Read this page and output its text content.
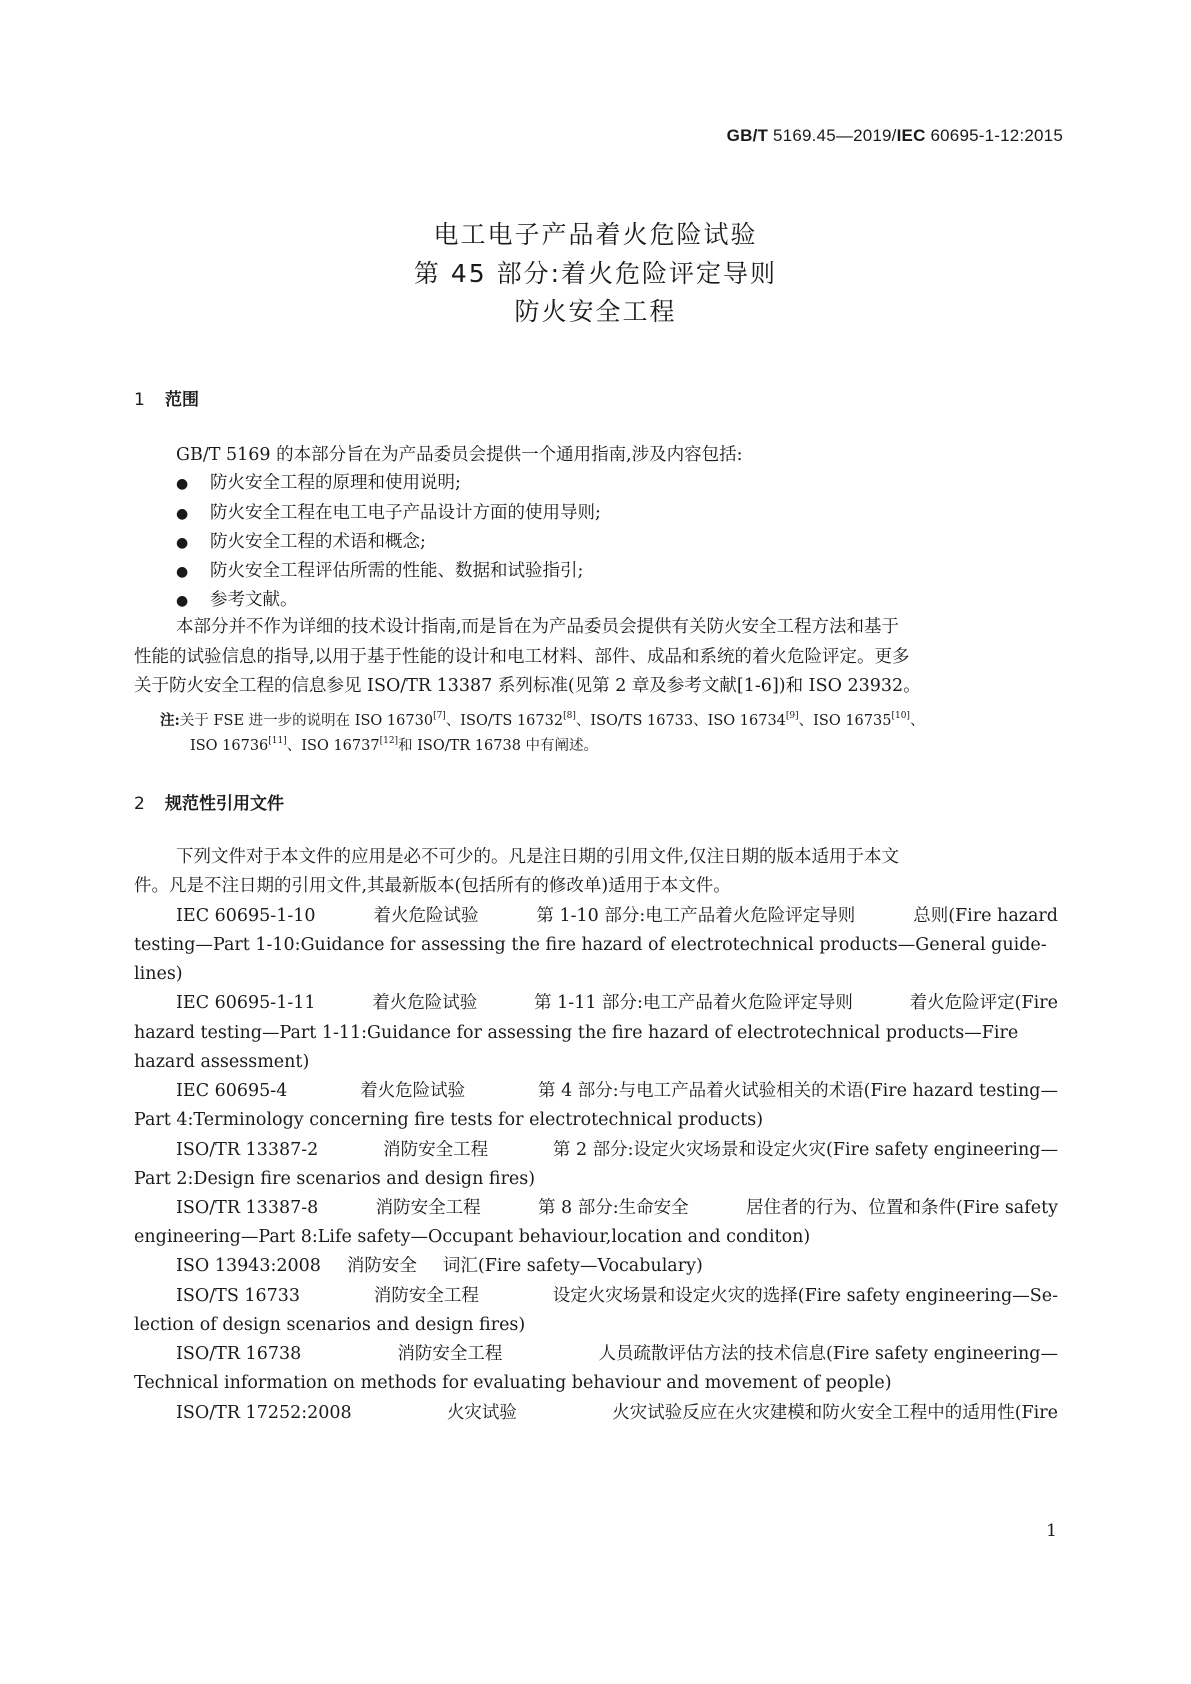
GB/T 5169.45—2019/IEC 60695-1-12:2015
电工电子产品着火危险试验
第 45 部分:着火危险评定导则
防火安全工程
1 范围
GB/T 5169 的本部分旨在为产品委员会提供一个通用指南,涉及内容包括:
● 防火安全工程的原理和使用说明;
● 防火安全工程在电工电子产品设计方面的使用导则;
● 防火安全工程的术语和概念;
● 防火安全工程评估所需的性能、数据和试验指引;
● 参考文献。
本部分并不作为详细的技术设计指南,而是旨在为产品委员会提供有关防火安全工程方法和基于
性能的试验信息的指导,以用于基于性能的设计和电工材料、部件、成品和系统的着火危险评定。更多
关于防火安全工程的信息参见 ISO/TR 13387 系列标准(见第 2 章及参考文献[1-6])和 ISO 23932。
注:关于 FSE 进一步的说明在 ISO 16730[7]、ISO/TS 16732[8]、ISO/TS 16733、ISO 16734[9]、ISO 16735[10]、
ISO 16736[11]、ISO 16737[12]和 ISO/TR 16738 中有阐述。
2 规范性引用文件
下列文件对于本文件的应用是必不可少的。凡是注日期的引用文件,仅注日期的版本适用于本文
件。凡是不注日期的引用文件,其最新版本(包括所有的修改单)适用于本文件。
IEC 60695-1-10	着火危险试验	第 1-10 部分:电工产品着火危险评定导则	总则(Fire hazard
testing—Part 1-10:Guidance for assessing the fire hazard of electrotechnical products—General guide-
lines)
IEC 60695-1-11	着火危险试验	第 1-11 部分:电工产品着火危险评定导则	着火危险评定(Fire
hazard testing—Part 1-11:Guidance for assessing the fire hazard of electrotechnical products—Fire
hazard assessment)
IEC 60695-4	着火危险试验	第 4 部分:与电工产品着火试验相关的术语(Fire hazard testing—
Part 4:Terminology concerning fire tests for electrotechnical products)
ISO/TR 13387-2	消防安全工程	第 2 部分:设定火灾场景和设定火灾(Fire safety engineering—
Part 2:Design fire scenarios and design fires)
ISO/TR 13387-8	消防安全工程	第 8 部分:生命安全	居住者的行为、位置和条件(Fire safety
engineering—Part 8:Life safety—Occupant behaviour,location and conditon)
ISO 13943:2008 消防安全 词汇(Fire safety—Vocabulary)
ISO/TS 16733	消防安全工程	设定火灾场景和设定火灾的选择(Fire safety engineering—Se-
lection of design scenarios and design fires)
ISO/TR 16738	消防安全工程	人员疏散评估方法的技术信息(Fire safety engineering—
Technical information on methods for evaluating behaviour and movement of people)
ISO/TR 17252:2008	火灾试验	火灾试验反应在火灾建模和防火安全工程中的适用性(Fire
1
